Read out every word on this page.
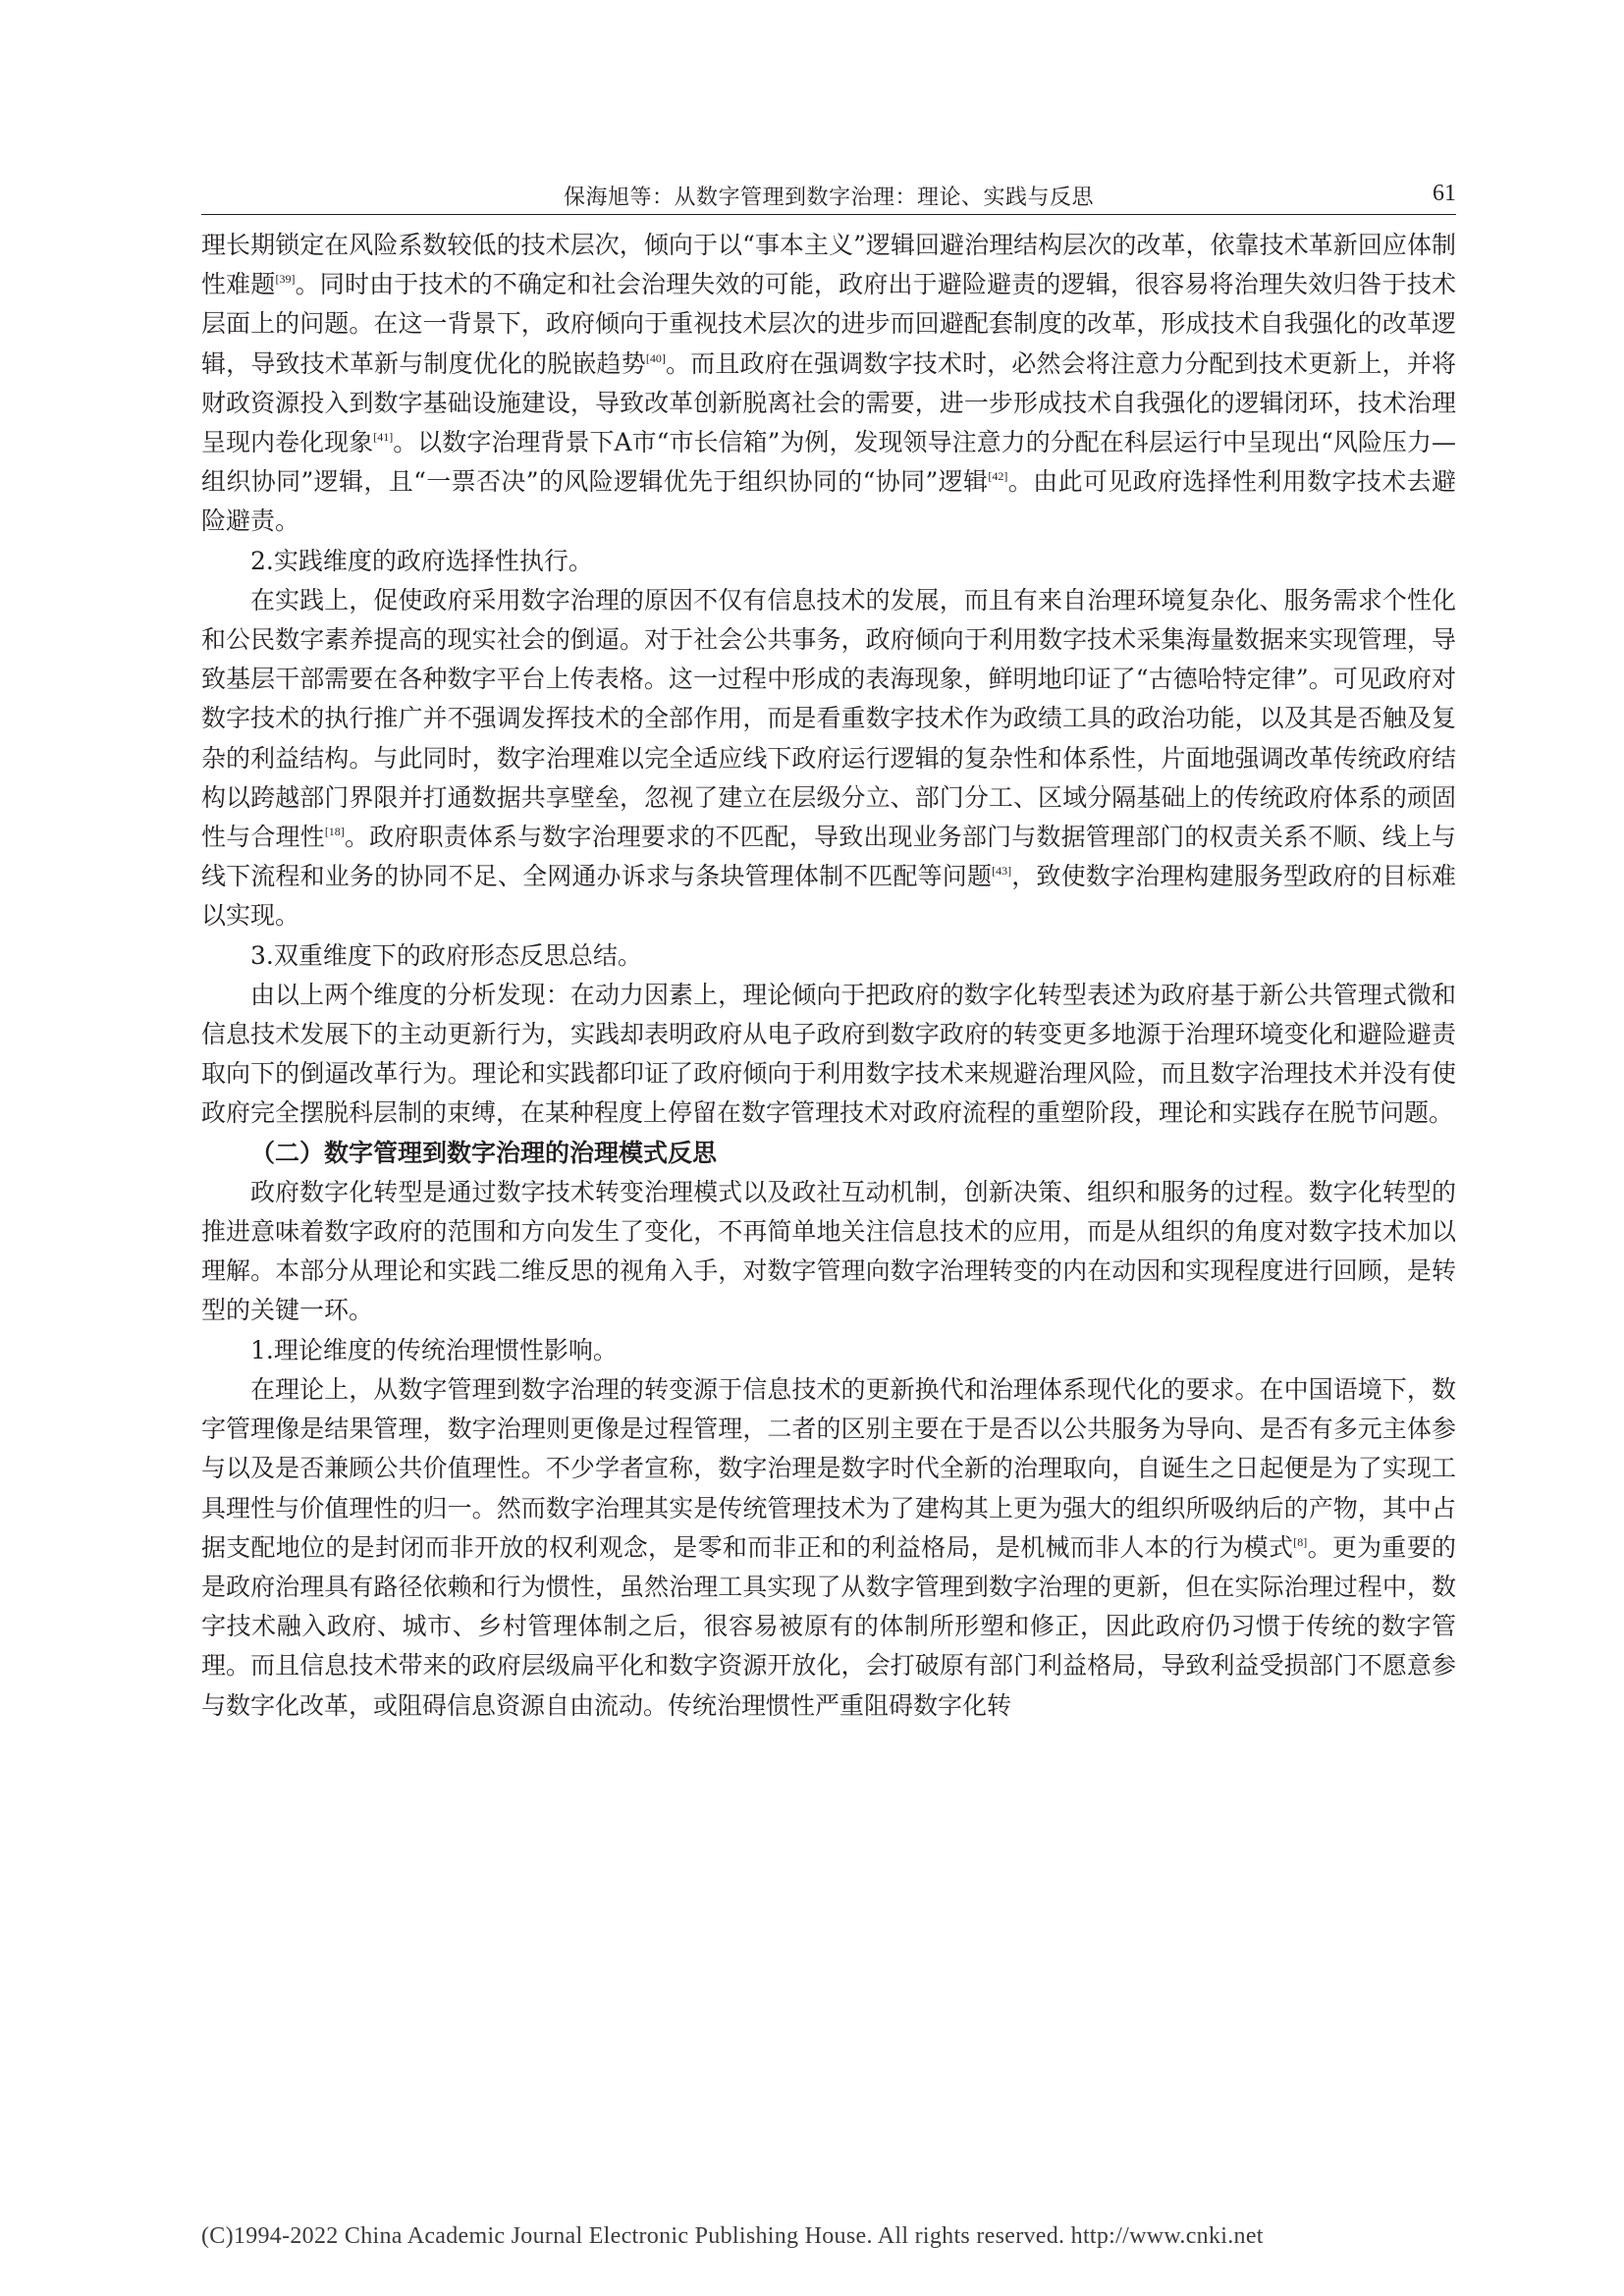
保海旭等：从数字管理到数字治理：理论、实践与反思	61

理长期锁定在风险系数较低的技术层次，倾向于以“事本主义”逻辑回避治理结构层次的改革，依靠技术革新回应体制性难题[39]。同时由于技术的不确定和社会治理失效的可能，政府出于避险避责的逻辑，很容易将治理失效归咎于技术层面上的问题。在这一背景下，政府倾向于重视技术层次的进步而回避配套制度的改革，形成技术自我强化的改革逻辑，导致技术革新与制度优化的脱嵌趋势[40]。而且政府在强调数字技术时，必然会将注意力分配到技术更新上，并将财政资源投入到数字基础设施建设，导致改革创新脱离社会的需要，进一步形成技术自我强化的逻辑闭环，技术治理呈现内卷化现象[41]。以数字治理背景下A市“市长信箱”为例，发现领导注意力的分配在科层运行中呈现出“风险压力—组织协同”逻辑，且“一票否决”的风险逻辑优先于组织协同的“协同”逻辑[42]。由此可见政府选择性利用数字技术去避险避责。

2.实践维度的政府选择性执行。

在实践上，促使政府采用数字治理的原因不仅有信息技术的发展，而且有来自治理环境复杂化、服务需求个性化和公民数字素养提高的现实社会的倒逼。对于社会公共事务，政府倾向于利用数字技术采集海量数据来实现管理，导致基层干部需要在各种数字平台上传表格。这一过程中形成的表海现象，鲜明地印证了“古德哈特定律”。可见政府对数字技术的执行推广并不强调发挥技术的全部作用，而是看重数字技术作为政绩工具的政治功能，以及其是否触及复杂的利益结构。与此同时，数字治理难以完全适应线下政府运行逻辑的复杂性和体系性，片面地强调改革传统政府结构以跨越部门界限并打通数据共享壁垒，忽视了建立在层级分立、部门分工、区域分隔基础上的传统政府体系的顽固性与合理性[18]。政府职责体系与数字治理要求的不匹配，导致出现业务部门与数据管理部门的权责关系不顺、线上与线下流程和业务的协同不足、全网通办诉求与条块管理体制不匹配等问题[43]，致使数字治理构建服务型政府的目标难以实现。

3.双重维度下的政府形态反思总结。

由以上两个维度的分析发现：在动力因素上，理论倾向于把政府的数字化转型表述为政府基于新公共管理式微和信息技术发展下的主动更新行为，实践却表明政府从电子政府到数字政府的转变更多地源于治理环境变化和避险避责取向下的倒逼改革行为。理论和实践都印证了政府倾向于利用数字技术来规避治理风险，而且数字治理技术并没有使政府完全摆脱科层制的束缚，在某种程度上停留在数字管理技术对政府流程的重塑阶段，理论和实践存在脱节问题。

（二）数字管理到数字治理的治理模式反思

政府数字化转型是通过数字技术转变治理模式以及政社互动机制，创新决策、组织和服务的过程。数字化转型的推进意味着数字政府的范围和方向发生了变化，不再简单地关注信息技术的应用，而是从组织的角度对数字技术加以理解。本部分从理论和实践二维反思的视角入手，对数字管理向数字治理转变的内在动因和实现程度进行回顾，是转型的关键一环。

1.理论维度的传统治理惯性影响。

在理论上，从数字管理到数字治理的转变源于信息技术的更新换代和治理体系现代化的要求。在中国语境下，数字管理像是结果管理，数字治理则更像是过程管理，二者的区别主要在于是否以公共服务为导向、是否有多元主体参与以及是否兼顾公共价值理性。不少学者宣称，数字治理是数字时代全新的治理取向，自诞生之日起便是为了实现工具理性与价值理性的归一。然而数字治理其实是传统管理技术为了建构其上更为强大的组织所吸纳后的产物，其中占据支配地位的是封闭而非开放的权利观念，是零和而非正和的利益格局，是机械而非人本的行为模式[8]。更为重要的是政府治理具有路径依赖和行为惯性，虽然治理工具实现了从数字管理到数字治理的更新，但在实际治理过程中，数字技术融入政府、城市、乡村管理体制之后，很容易被原有的体制所形塑和修正，因此政府仍习惯于传统的数字管理。而且信息技术带来的政府层级扁平化和数字资源开放化，会打破原有部门利益格局，导致利益受损部门不愿意参与数字化改革，或阻碍信息资源自由流动。传统治理惯性严重阻碍数字化转

(C)1994-2022 China Academic Journal Electronic Publishing House. All rights reserved. http://www.cnki.net
